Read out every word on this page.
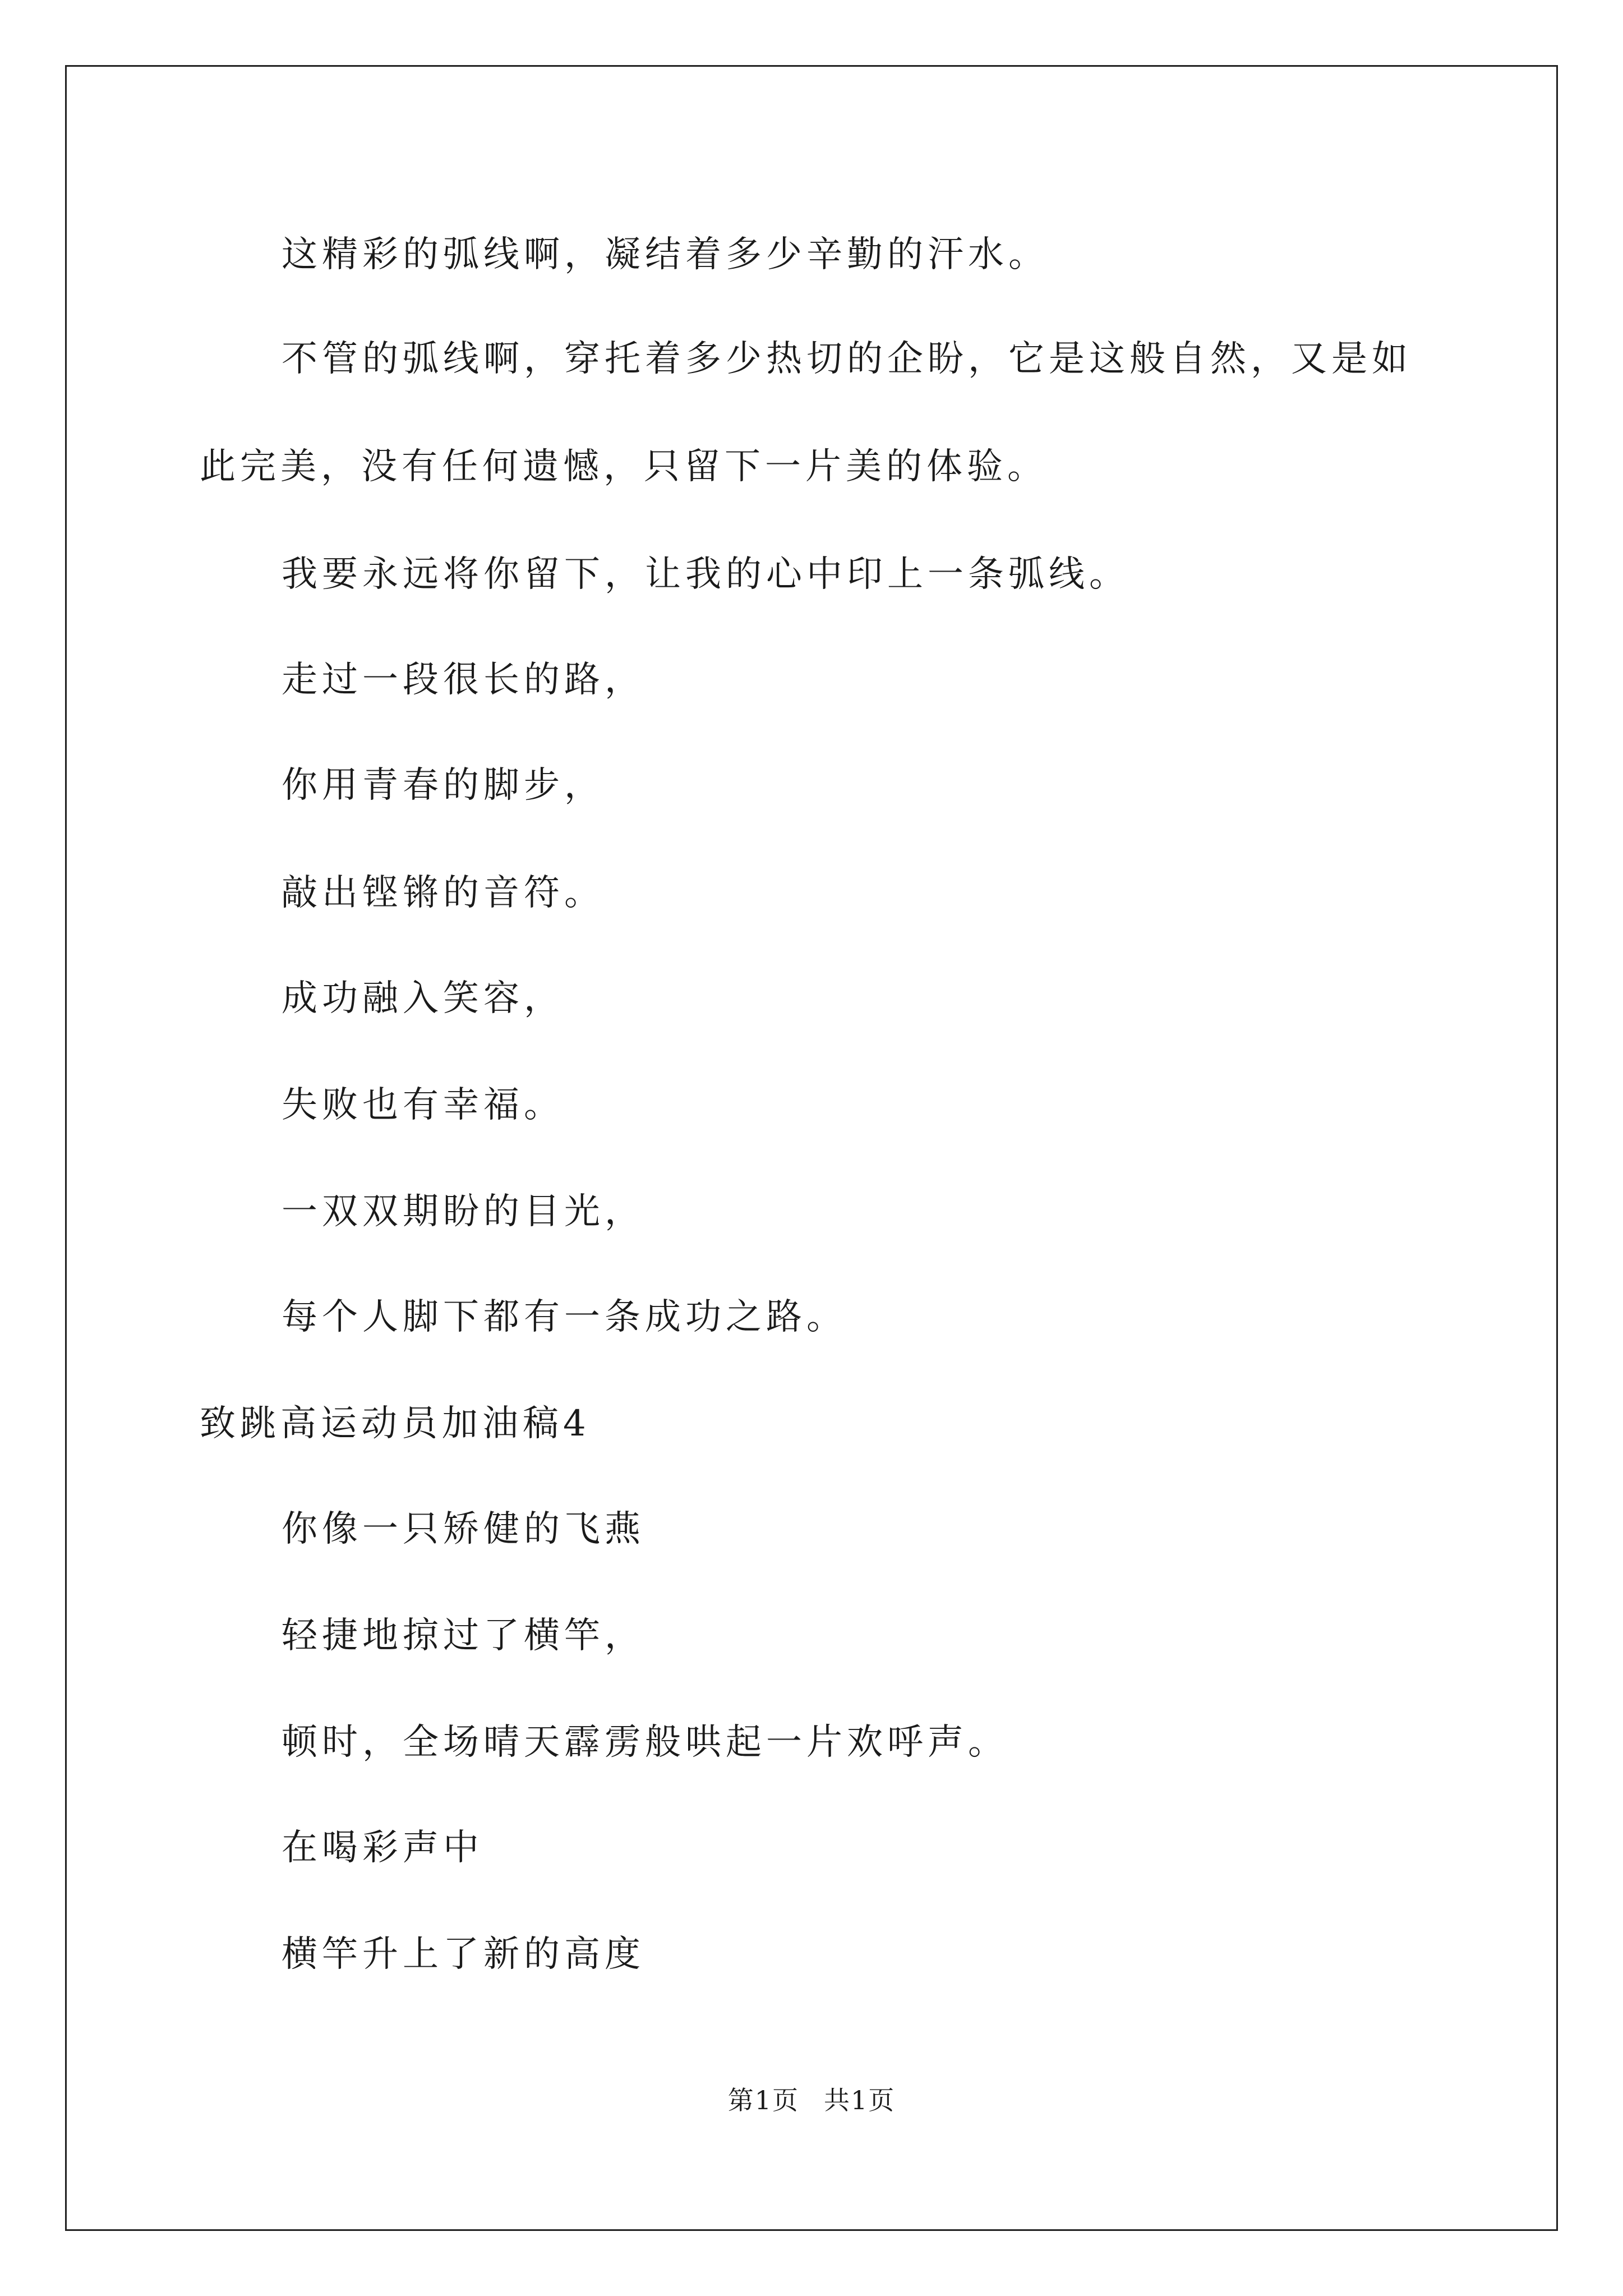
这精彩的弧线啊，凝结着多少辛勤的汗水。
不管的弧线啊，穿托着多少热切的企盼，它是这般自然，又是如
此完美，没有任何遗憾，只留下一片美的体验。
我要永远将你留下，让我的心中印上一条弧线。
走过一段很长的路，
你用青春的脚步，
敲出铿锵的音符。
成功融入笑容，
失败也有幸福。
一双双期盼的目光，
每个人脚下都有一条成功之路。
致跳高运动员加油稿4
你像一只矫健的飞燕
轻捷地掠过了横竿，
顿时，全场晴天霹雳般哄起一片欢呼声。
在喝彩声中
横竿升上了新的高度
第1页 共1页
